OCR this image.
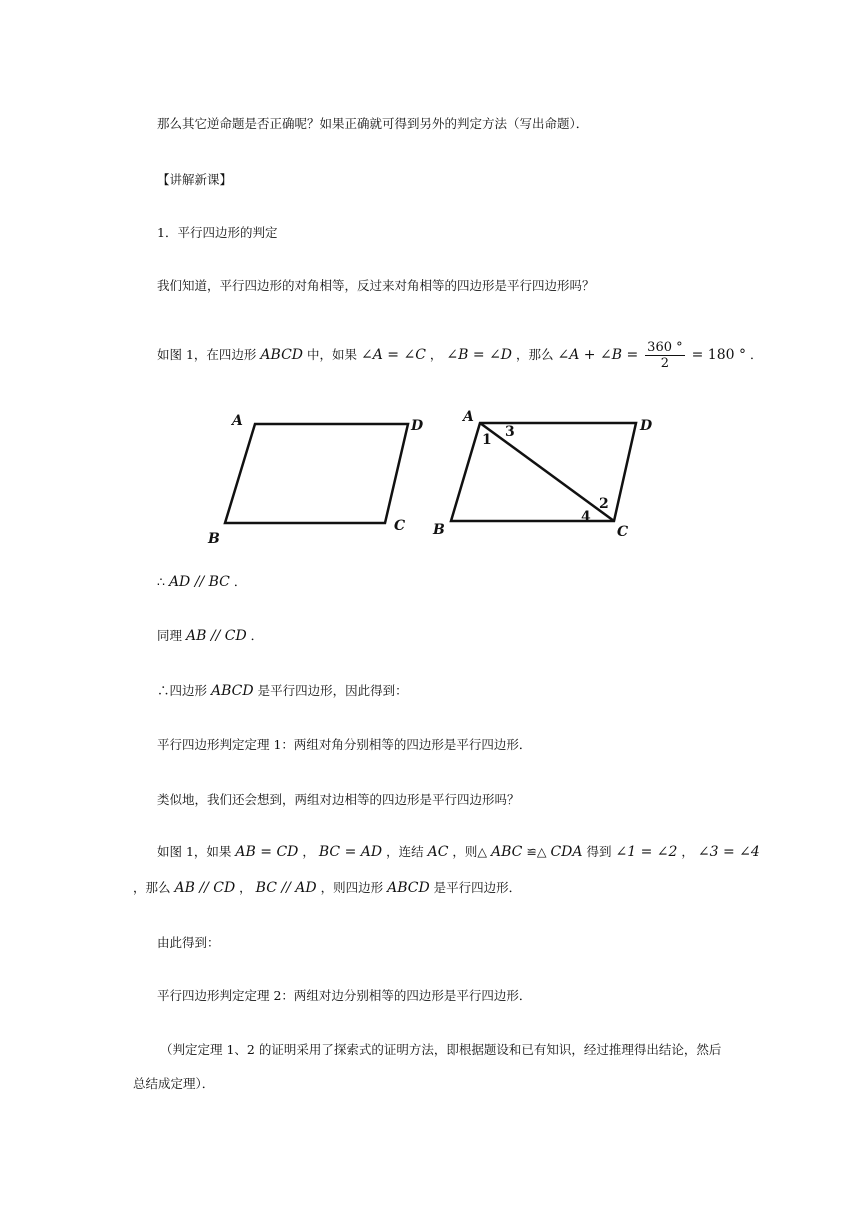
那么其它逆命题是否正确呢？如果正确就可得到另外的判定方法（写出命题）．
【讲解新课】
1．平行四边形的判定
我们知道，平行四边形的对角相等，反过来对角相等的四边形是平行四边形吗？
如图 1，在四边形 ABCD 中，如果 ∠A = ∠C ， ∠B = ∠D ，那么 ∠A + ∠B = $\frac{360 ^\circ}{2} = 180$ ° ．
A	D
B
C
A
D
B	C
1 3
2
4
∴ AD // BC ．
同理 AB // CD ．
∴四边形 ABCD 是平行四边形，因此得到：
平行四边形判定定理 1：两组对角分别相等的四边形是平行四边形．
类似地，我们还会想到，两组对边相等的四边形是平行四边形吗？
如图 1，如果 AB = CD ， BC = AD ，连结 AC ，则△ ABC ≌△ CDA 得到 ∠1 = ∠2 ， ∠3 = ∠4
，那么 AB // CD ， BC // AD ，则四边形 ABCD 是平行四边形．
由此得到：
平行四边形判定定理 2：两组对边分别相等的四边形是平行四边形．
（判定定理 1、2 的证明采用了探索式的证明方法，即根据题设和已有知识，经过推理得出结论，然后
总结成定理）．
